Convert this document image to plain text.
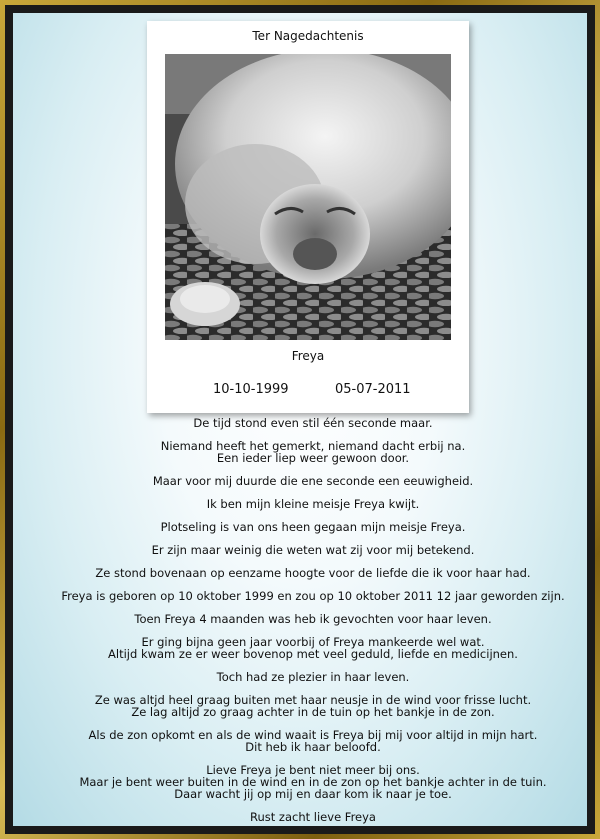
Ter Nagedachtenis
Freya
10-10-1999	05-07-2011

De tijd stond even stil één seconde maar.

Niemand heeft het gemerkt, niemand dacht erbij na.
Een ieder liep weer gewoon door.

Maar voor mij duurde die ene seconde een eeuwigheid.

Ik ben mijn kleine meisje Freya kwijt.

Plotseling is van ons heen gegaan mijn meisje Freya.

Er zijn maar weinig die weten wat zij voor mij betekend.

Ze stond bovenaan op eenzame hoogte voor de liefde die ik voor haar had.

Freya is geboren op 10 oktober 1999 en zou op 10 oktober 2011 12 jaar geworden zijn.

Toen Freya 4 maanden was heb ik gevochten voor haar leven.

Er ging bijna geen jaar voorbij of Freya mankeerde wel wat.
Altijd kwam ze er weer bovenop met veel geduld, liefde en medicijnen.

Toch had ze plezier in haar leven.

Ze was altjd heel graag buiten met haar neusje in de wind voor frisse lucht.
Ze lag altijd zo graag achter in de tuin op het bankje in de zon.

Als de zon opkomt en als de wind waait is Freya bij mij voor altijd in mijn hart.
Dit heb ik haar beloofd.

Lieve Freya je bent niet meer bij ons.
Maar je bent weer buiten in de wind en in de zon op het bankje achter in de tuin.
Daar wacht jij op mij en daar kom ik naar je toe.

Rust zacht lieve Freya
